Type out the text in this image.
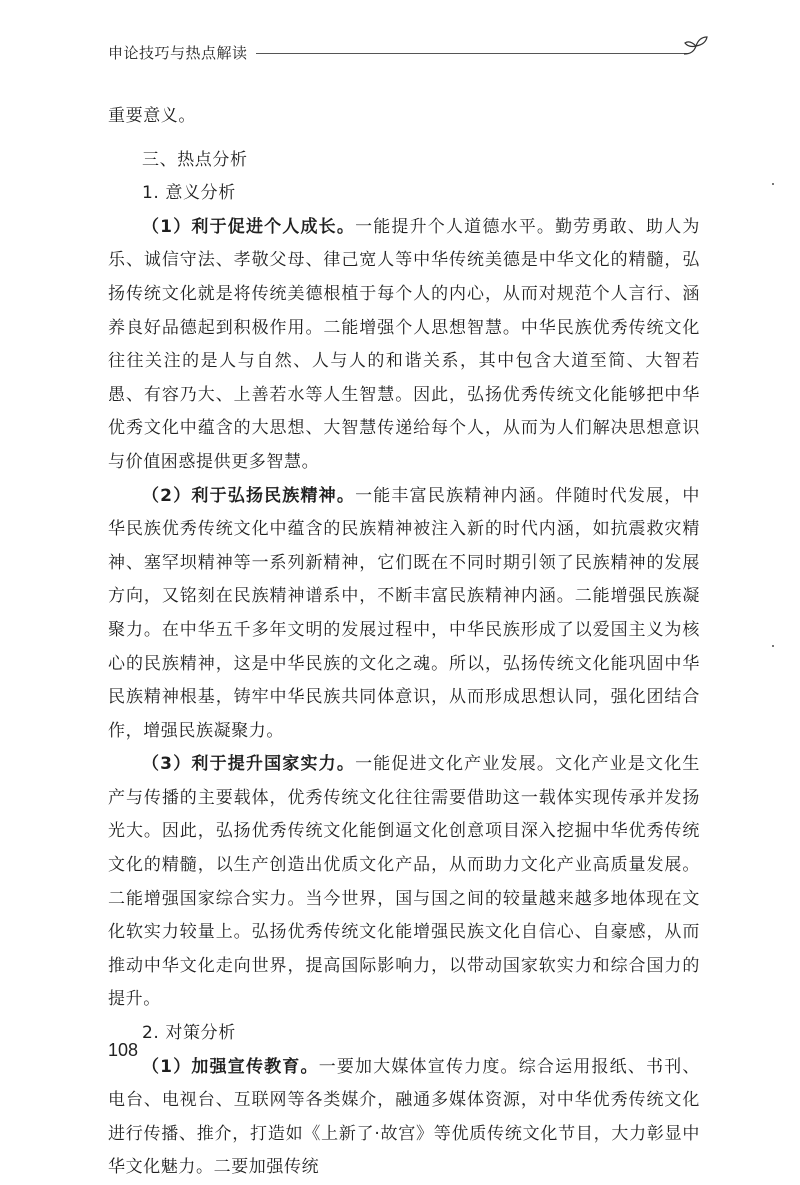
申论技巧与热点解读

重要意义。

三、热点分析

1. 意义分析

（1）利于促进个人成长。一能提升个人道德水平。勤劳勇敢、助人为乐、诚信守法、孝敬父母、律己宽人等中华传统美德是中华文化的精髓，弘扬传统文化就是将传统美德根植于每个人的内心，从而对规范个人言行、涵养良好品德起到积极作用。二能增强个人思想智慧。中华民族优秀传统文化往往关注的是人与自然、人与人的和谐关系，其中包含大道至简、大智若愚、有容乃大、上善若水等人生智慧。因此，弘扬优秀传统文化能够把中华优秀文化中蕴含的大思想、大智慧传递给每个人，从而为人们解决思想意识与价值困惑提供更多智慧。

（2）利于弘扬民族精神。一能丰富民族精神内涵。伴随时代发展，中华民族优秀传统文化中蕴含的民族精神被注入新的时代内涵，如抗震救灾精神、塞罕坝精神等一系列新精神，它们既在不同时期引领了民族精神的发展方向，又铭刻在民族精神谱系中，不断丰富民族精神内涵。二能增强民族凝聚力。在中华五千多年文明的发展过程中，中华民族形成了以爱国主义为核心的民族精神，这是中华民族的文化之魂。所以，弘扬传统文化能巩固中华民族精神根基，铸牢中华民族共同体意识，从而形成思想认同，强化团结合作，增强民族凝聚力。

（3）利于提升国家实力。一能促进文化产业发展。文化产业是文化生产与传播的主要载体，优秀传统文化往往需要借助这一载体实现传承并发扬光大。因此，弘扬优秀传统文化能倒逼文化创意项目深入挖掘中华优秀传统文化的精髓，以生产创造出优质文化产品，从而助力文化产业高质量发展。二能增强国家综合实力。当今世界，国与国之间的较量越来越多地体现在文化软实力较量上。弘扬优秀传统文化能增强民族文化自信心、自豪感，从而推动中华文化走向世界，提高国际影响力，以带动国家软实力和综合国力的提升。

2. 对策分析

（1）加强宣传教育。一要加大媒体宣传力度。综合运用报纸、书刊、电台、电视台、互联网等各类媒介，融通多媒体资源，对中华优秀传统文化进行传播、推介，打造如《上新了·故宫》等优质传统文化节目，大力彰显中华文化魅力。二要加强传统

108
